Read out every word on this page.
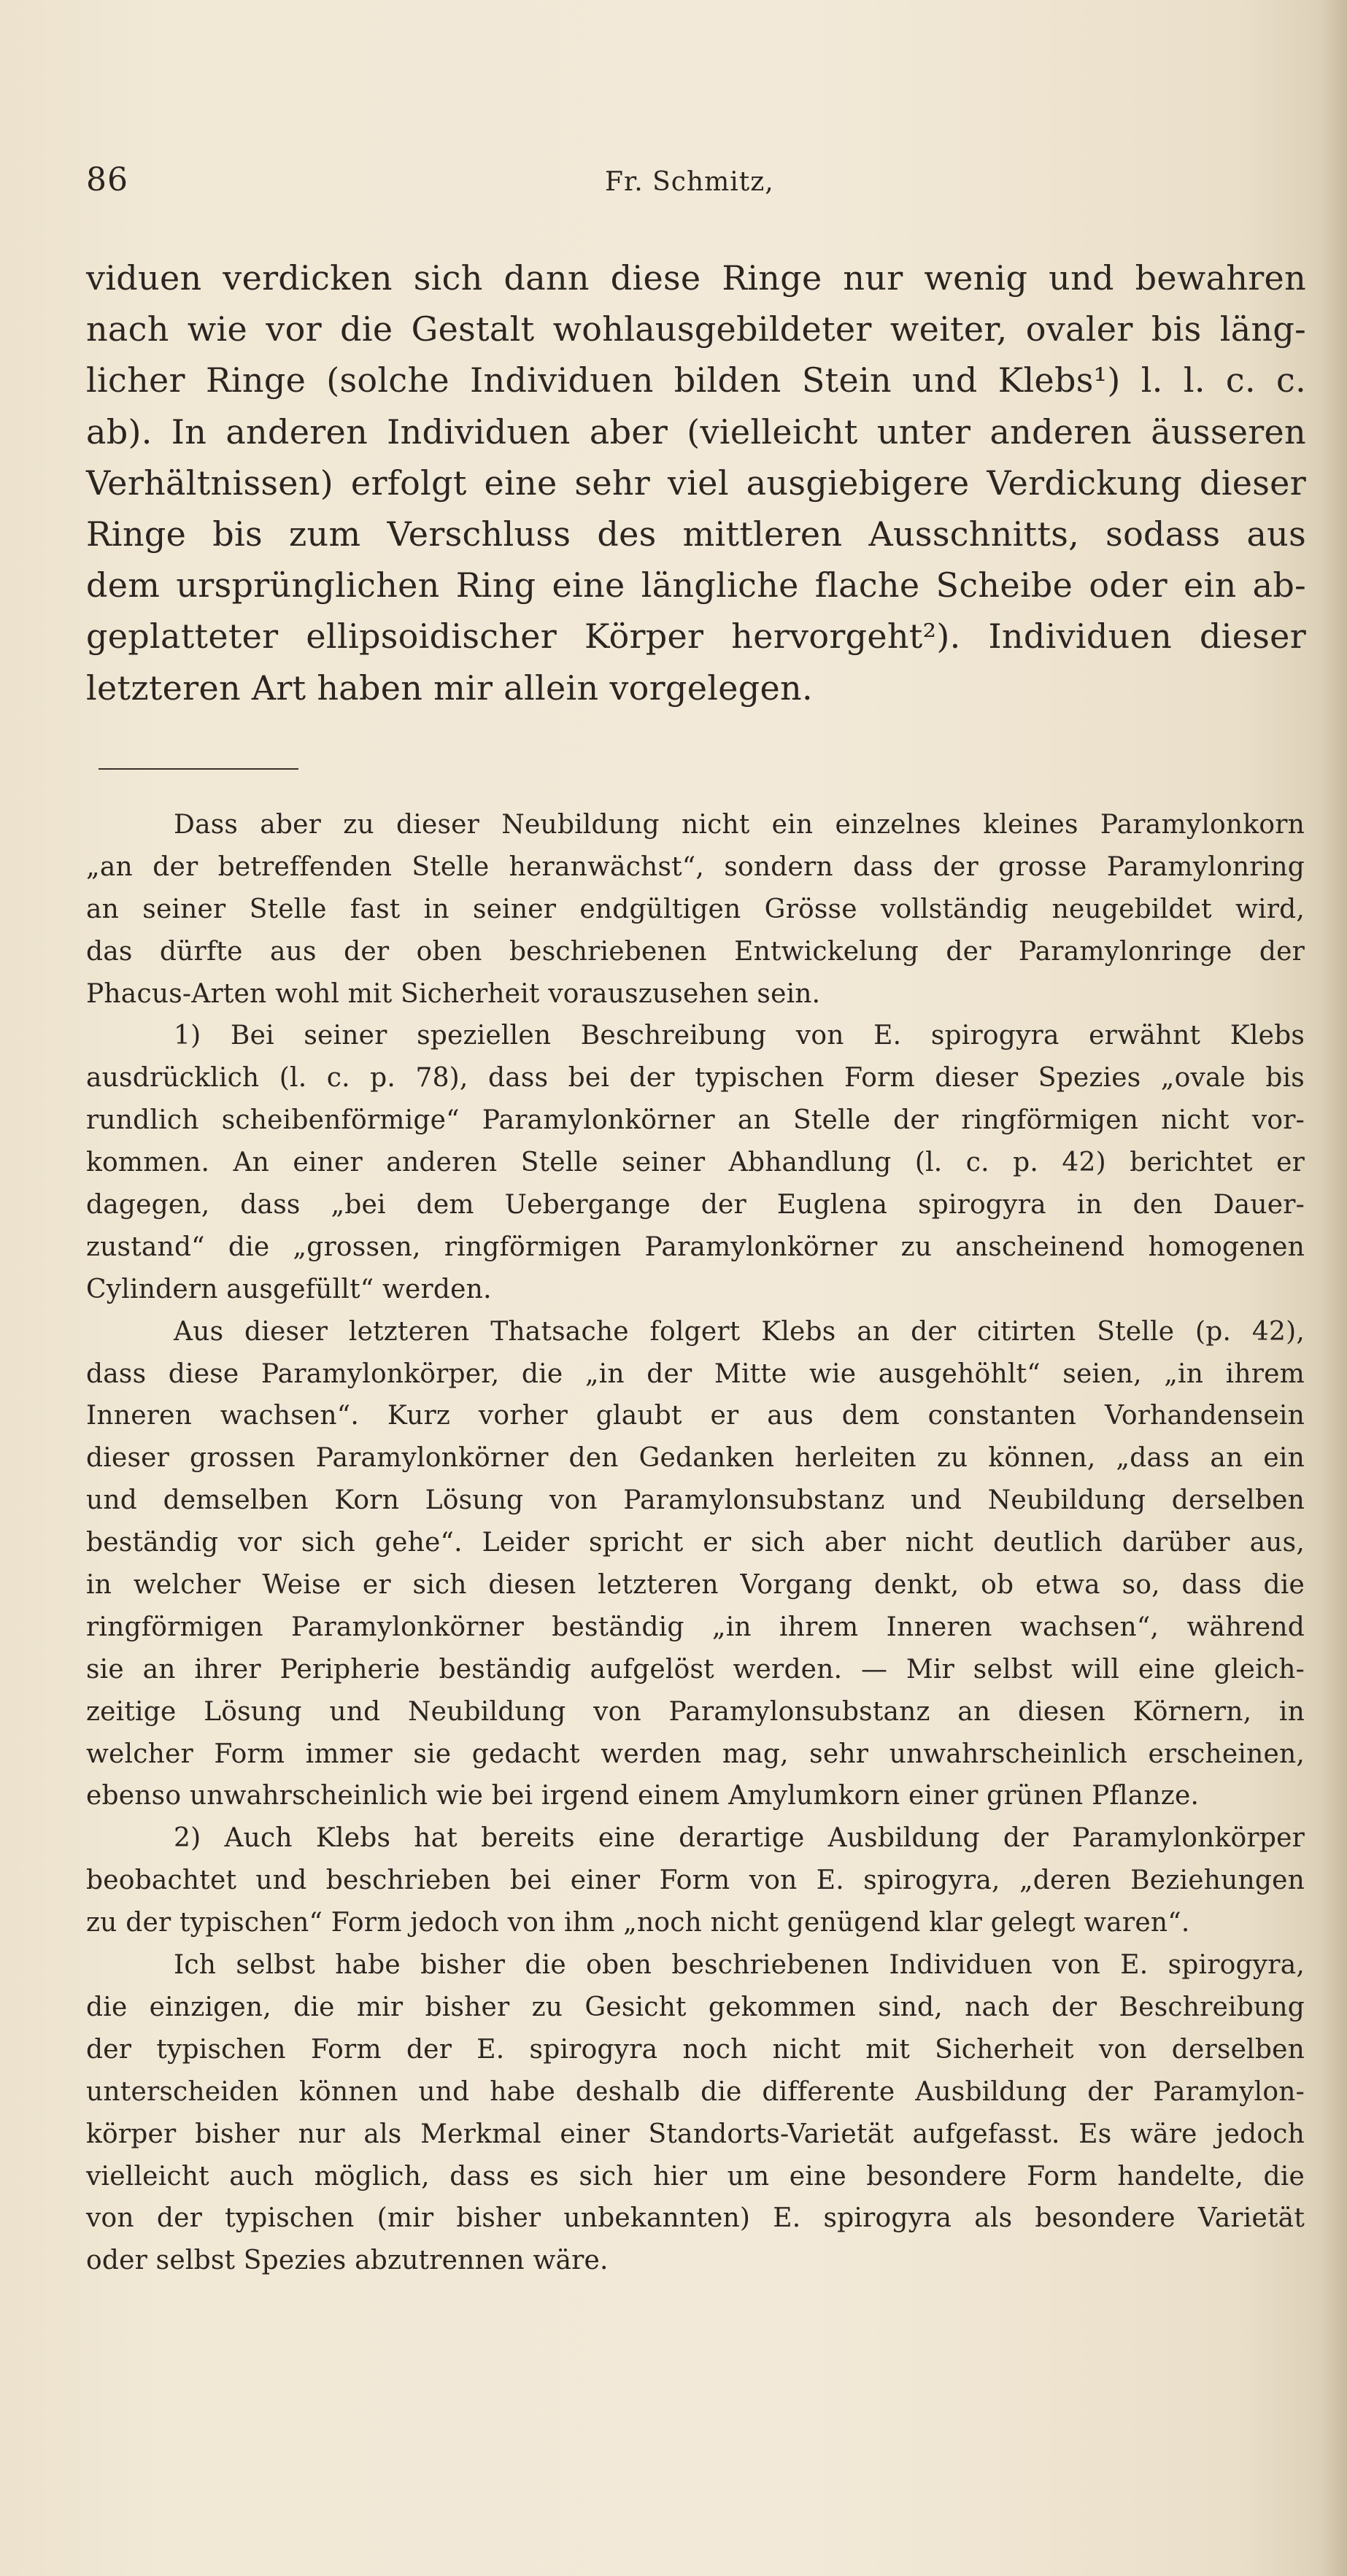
86	Fr. Schmitz,
viduen verdicken sich dann diese Ringe nur wenig und bewahren
nach wie vor die Gestalt wohlausgebildeter weiter, ovaler bis läng-
licher Ringe (solche Individuen bilden Stein und Klebs¹) l. l. c. c.
ab). In anderen Individuen aber (vielleicht unter anderen äusseren
Verhältnissen) erfolgt eine sehr viel ausgiebigere Verdickung dieser
Ringe bis zum Verschluss des mittleren Ausschnitts, sodass aus
dem ursprünglichen Ring eine längliche flache Scheibe oder ein ab-
geplatteter ellipsoidischer Körper hervorgeht²). Individuen dieser
letzteren Art haben mir allein vorgelegen.
Dass aber zu dieser Neubildung nicht ein einzelnes kleines Paramylonkorn
„an der betreffenden Stelle heranwächst“, sondern dass der grosse Paramylonring
an seiner Stelle fast in seiner endgültigen Grösse vollständig neugebildet wird,
das dürfte aus der oben beschriebenen Entwickelung der Paramylonringe der
Phacus-Arten wohl mit Sicherheit vorauszusehen sein.
1) Bei seiner speziellen Beschreibung von E. spirogyra erwähnt Klebs
ausdrücklich (l. c. p. 78), dass bei der typischen Form dieser Spezies „ovale bis
rundlich scheibenförmige“ Paramylonkörner an Stelle der ringförmigen nicht vor-
kommen. An einer anderen Stelle seiner Abhandlung (l. c. p. 42) berichtet er
dagegen, dass „bei dem Uebergange der Euglena spirogyra in den Dauer-
zustand“ die „grossen, ringförmigen Paramylonkörner zu anscheinend homogenen
Cylindern ausgefüllt“ werden.
Aus dieser letzteren Thatsache folgert Klebs an der citirten Stelle (p. 42),
dass diese Paramylonkörper, die „in der Mitte wie ausgehöhlt“ seien, „in ihrem
Inneren wachsen“. Kurz vorher glaubt er aus dem constanten Vorhandensein
dieser grossen Paramylonkörner den Gedanken herleiten zu können, „dass an ein
und demselben Korn Lösung von Paramylonsubstanz und Neubildung derselben
beständig vor sich gehe“. Leider spricht er sich aber nicht deutlich darüber aus,
in welcher Weise er sich diesen letzteren Vorgang denkt, ob etwa so, dass die
ringförmigen Paramylonkörner beständig „in ihrem Inneren wachsen“, während
sie an ihrer Peripherie beständig aufgelöst werden. — Mir selbst will eine gleich-
zeitige Lösung und Neubildung von Paramylonsubstanz an diesen Körnern, in
welcher Form immer sie gedacht werden mag, sehr unwahrscheinlich erscheinen,
ebenso unwahrscheinlich wie bei irgend einem Amylumkorn einer grünen Pflanze.
2) Auch Klebs hat bereits eine derartige Ausbildung der Paramylonkörper
beobachtet und beschrieben bei einer Form von E. spirogyra, „deren Beziehungen
zu der typischen“ Form jedoch von ihm „noch nicht genügend klar gelegt waren“.
Ich selbst habe bisher die oben beschriebenen Individuen von E. spirogyra,
die einzigen, die mir bisher zu Gesicht gekommen sind, nach der Beschreibung
der typischen Form der E. spirogyra noch nicht mit Sicherheit von derselben
unterscheiden können und habe deshalb die differente Ausbildung der Paramylon-
körper bisher nur als Merkmal einer Standorts-Varietät aufgefasst. Es wäre jedoch
vielleicht auch möglich, dass es sich hier um eine besondere Form handelte, die
von der typischen (mir bisher unbekannten) E. spirogyra als besondere Varietät
oder selbst Spezies abzutrennen wäre.
